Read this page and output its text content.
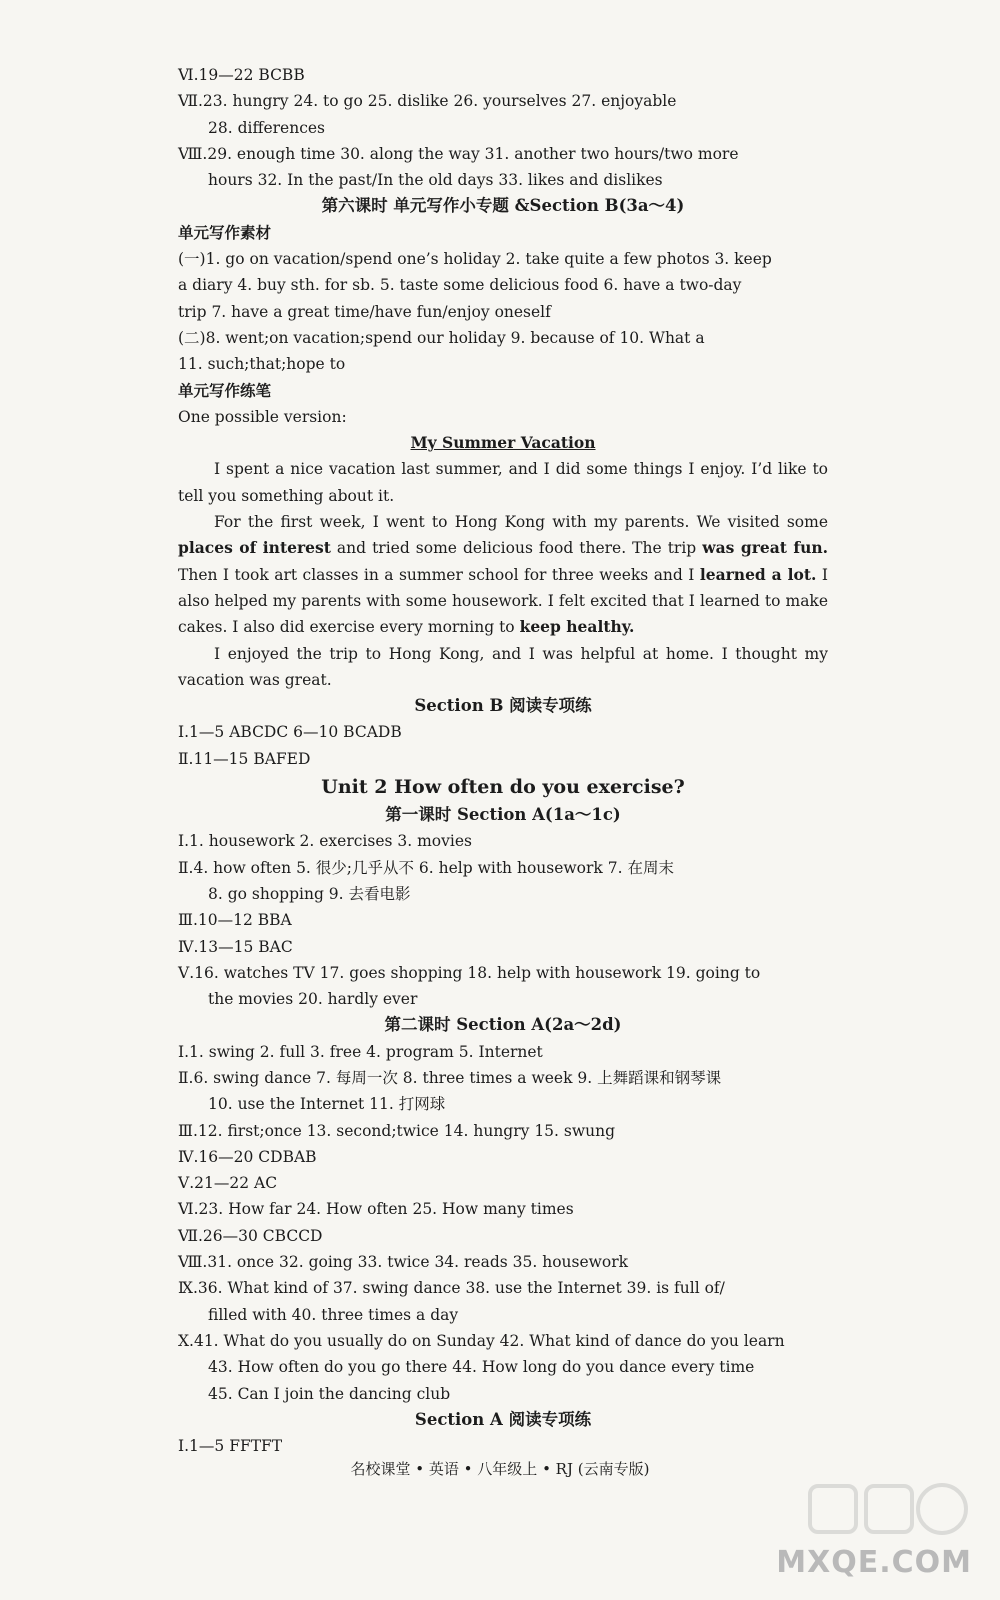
Ⅵ.19—22 BCBB
Ⅶ.23. hungry 24. to go 25. dislike 26. yourselves 27. enjoyable
28. differences
Ⅷ.29. enough time 30. along the way 31. another two hours/two more
hours 32. In the past/In the old days 33. likes and dislikes
第六课时 单元写作小专题 &Section B(3a～4)
单元写作素材
(一)1. go on vacation/spend one’s holiday 2. take quite a few photos 3. keep
a diary 4. buy sth. for sb. 5. taste some delicious food 6. have a two-day
trip 7. have a great time/have fun/enjoy oneself
(二)8. went;on vacation;spend our holiday 9. because of 10. What a
11. such;that;hope to
单元写作练笔
One possible version:
My Summer Vacation
I spent a nice vacation last summer, and I did some things I enjoy. I’d like to tell you something about it.
For the first week, I went to Hong Kong with my parents. We visited some places of interest and tried some delicious food there. The trip was great fun. Then I took art classes in a summer school for three weeks and I learned a lot. I also helped my parents with some housework. I felt excited that I learned to make cakes. I also did exercise every morning to keep healthy.
I enjoyed the trip to Hong Kong, and I was helpful at home. I thought my vacation was great.
Section B 阅读专项练
Ⅰ.1—5 ABCDC 6—10 BCADB
Ⅱ.11—15 BAFED
Unit 2 How often do you exercise?
第一课时 Section A(1a～1c)
Ⅰ.1. housework 2. exercises 3. movies
Ⅱ.4. how often 5. 很少;几乎从不 6. help with housework 7. 在周末
8. go shopping 9. 去看电影
Ⅲ.10—12 BBA
Ⅳ.13—15 BAC
Ⅴ.16. watches TV 17. goes shopping 18. help with housework 19. going to
the movies 20. hardly ever
第二课时 Section A(2a～2d)
Ⅰ.1. swing 2. full 3. free 4. program 5. Internet
Ⅱ.6. swing dance 7. 每周一次 8. three times a week 9. 上舞蹈课和钢琴课
10. use the Internet 11. 打网球
Ⅲ.12. first;once 13. second;twice 14. hungry 15. swung
Ⅳ.16—20 CDBAB
Ⅴ.21—22 AC
Ⅵ.23. How far 24. How often 25. How many times
Ⅶ.26—30 CBCCD
Ⅷ.31. once 32. going 33. twice 34. reads 35. housework
Ⅸ.36. What kind of 37. swing dance 38. use the Internet 39. is full of/
filled with 40. three times a day
Ⅹ.41. What do you usually do on Sunday 42. What kind of dance do you learn
43. How often do you go there 44. How long do you dance every time
45. Can I join the dancing club
Section A 阅读专项练
Ⅰ.1—5 FFTFT
名校课堂 • 英语 • 八年级上 • RJ (云南专版)
MXQE.COM
